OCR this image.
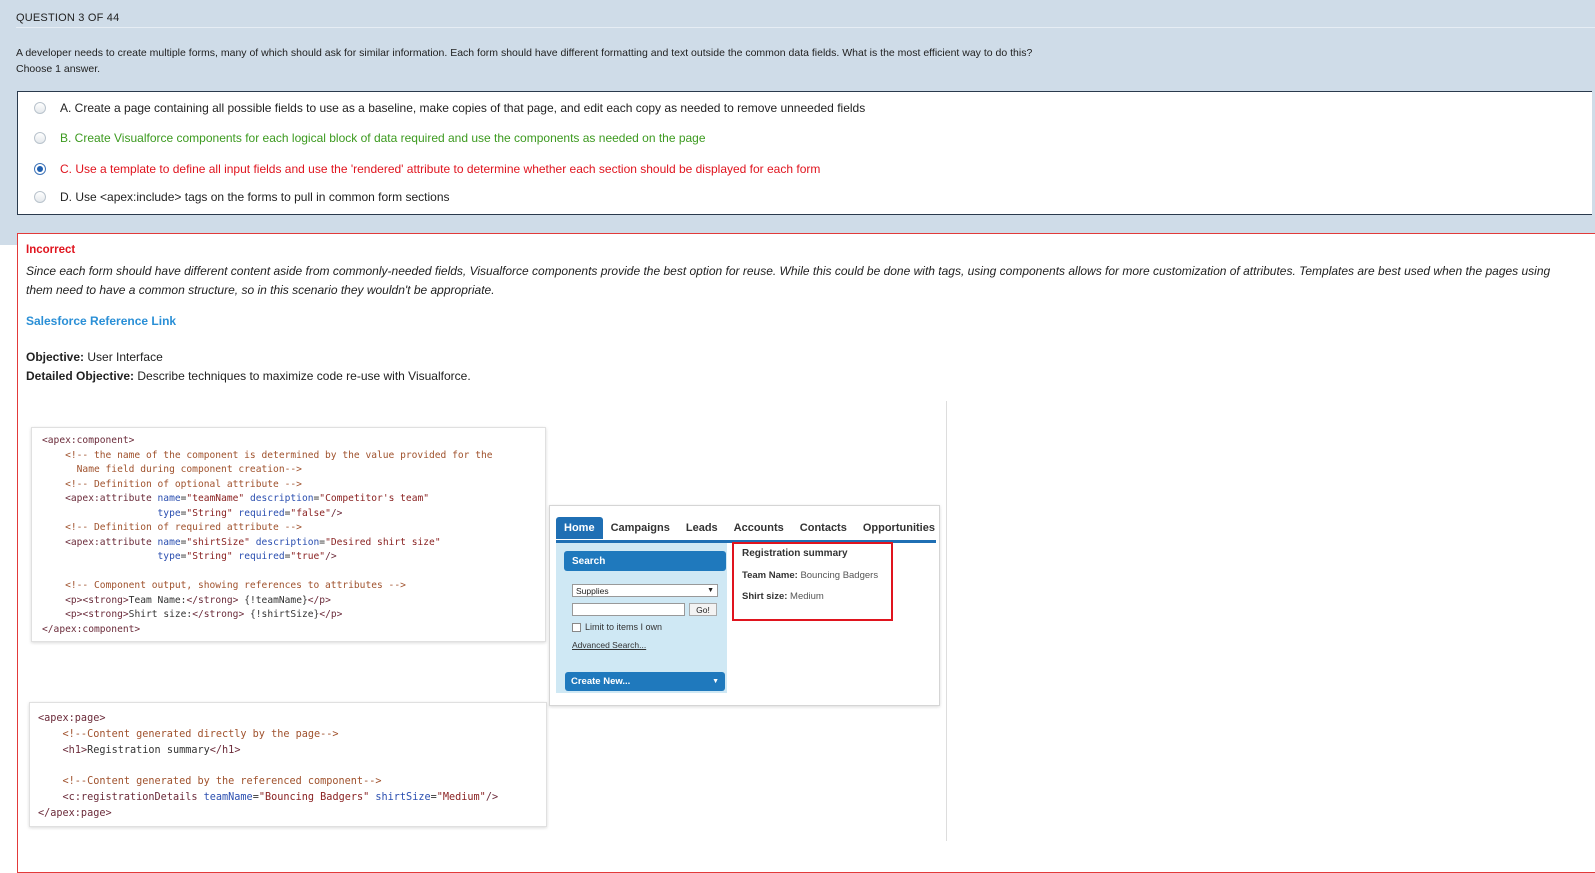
QUESTION 3 OF 44
A developer needs to create multiple forms, many of which should ask for similar information. Each form should have different formatting and text outside the common data fields. What is the most efficient way to do this?
Choose 1 answer.
A. Create a page containing all possible fields to use as a baseline, make copies of that page, and edit each copy as needed to remove unneeded fields
B. Create Visualforce components for each logical block of data required and use the components as needed on the page
C. Use a template to define all input fields and use the 'rendered' attribute to determine whether each section should be displayed for each form
D. Use <apex:include> tags on the forms to pull in common form sections
Incorrect
Since each form should have different content aside from commonly-needed fields, Visualforce components provide the best option for reuse. While this could be done with tags, using components allows for more customization of attributes. Templates are best used when the pages using them need to have a common structure, so in this scenario they wouldn't be appropriate.
Salesforce Reference Link
Objective: User Interface
Detailed Objective: Describe techniques to maximize code re-use with Visualforce.
<apex:component>
<!-- the name of the component is determined by the value provided for the
Name field during component creation-->
<!-- Definition of optional attribute -->
<apex:attribute name="teamName" description="Competitor's team"
type="String" required="false"/>
<!-- Definition of required attribute -->
<apex:attribute name="shirtSize" description="Desired shirt size"
type="String" required="true"/>

<!-- Component output, showing references to attributes -->
<p><strong>Team Name:</strong> {!teamName}</p>
<p><strong>Shirt size:</strong> {!shirtSize}</p>
</apex:component>
<apex:page>
<!--Content generated directly by the page-->
<h1>Registration summary</h1>

<!--Content generated by the referenced component-->
<c:registrationDetails teamName="Bouncing Badgers" shirtSize="Medium"/>
</apex:page>
Home	Campaigns	Leads	Accounts	Contacts	Opportunities
Search
Supplies	▼
Go!
Limit to items I own
Advanced Search...
Create New...	▼
Registration summary
Team Name: Bouncing Badgers
Shirt size: Medium
